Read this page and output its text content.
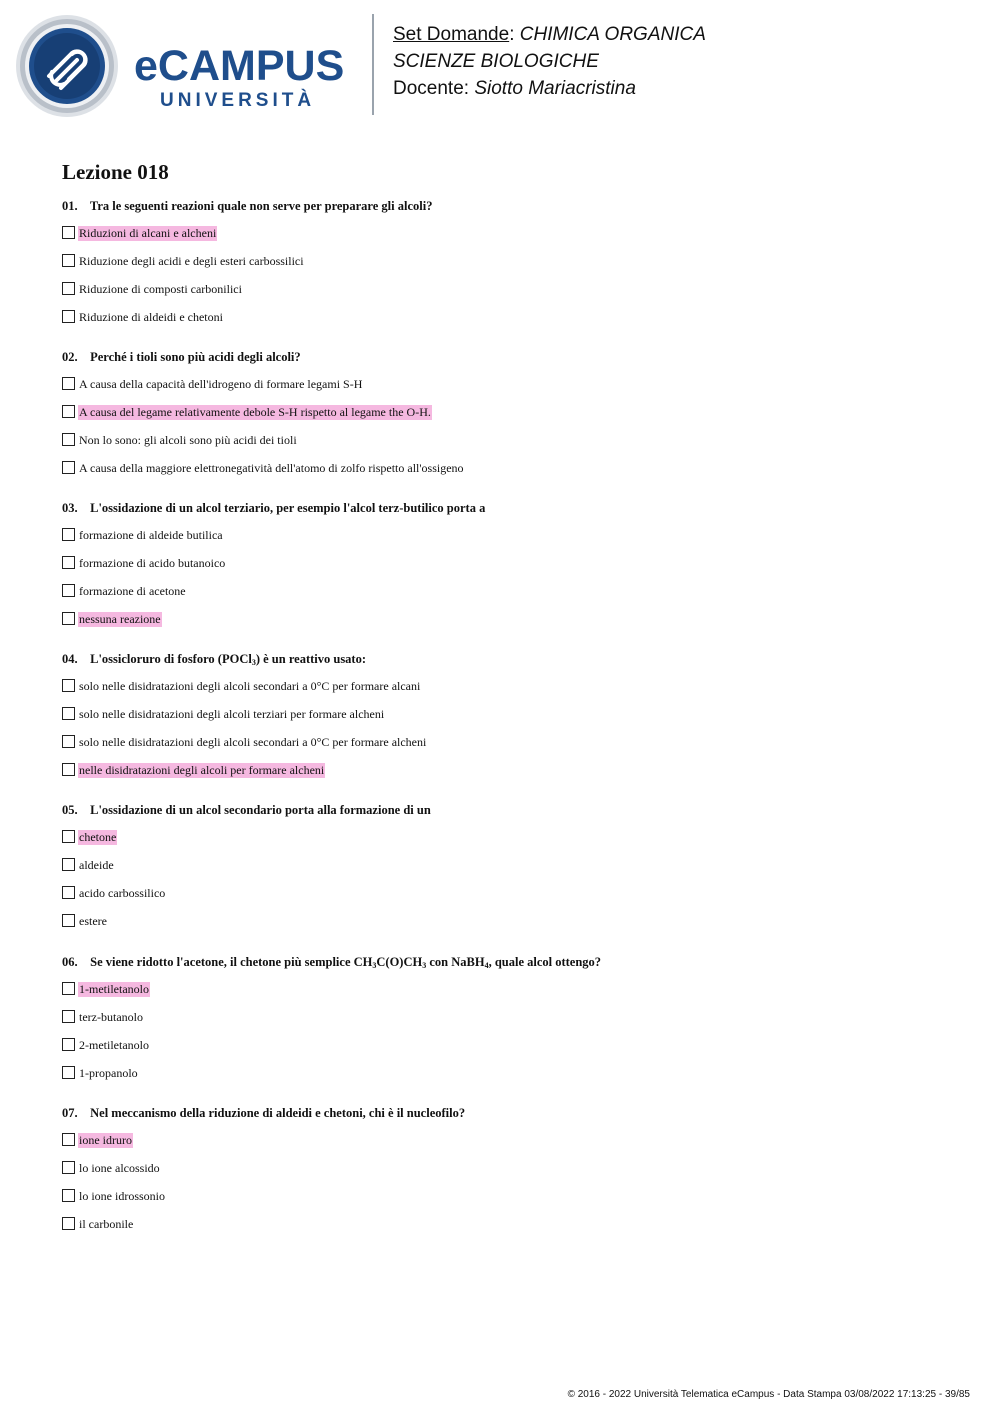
eCAMPUS
UNIVERSITÀ
Set Domande: CHIMICA ORGANICA
SCIENZE BIOLOGICHE
Docente: Siotto Mariacristina
Lezione 018
01. Tra le seguenti reazioni quale non serve per preparare gli alcoli?
Riduzioni di alcani e alcheni
Riduzione degli acidi e degli esteri carbossilici
Riduzione di composti carbonilici
Riduzione di aldeidi e chetoni
02. Perché i tioli sono più acidi degli alcoli?
A causa della capacità dell'idrogeno di formare legami S-H
A causa del legame relativamente debole S-H rispetto al legame the O-H.
Non lo sono: gli alcoli sono più acidi dei tioli
A causa della maggiore elettronegatività dell'atomo di zolfo rispetto all'ossigeno
03. L'ossidazione di un alcol terziario, per esempio l'alcol terz-butilico porta a
formazione di aldeide butilica
formazione di acido butanoico
formazione di acetone
nessuna reazione
04. L'ossicloruro di fosforo (POCl$_3$) è un reattivo usato:
solo nelle disidratazioni degli alcoli secondari a 0°C per formare alcani
solo nelle disidratazioni degli alcoli terziari per formare alcheni
solo nelle disidratazioni degli alcoli secondari a 0°C per formare alcheni
nelle disidratazioni degli alcoli per formare alcheni
05. L'ossidazione di un alcol secondario porta alla formazione di un
chetone
aldeide
acido carbossilico
estere
06. Se viene ridotto l'acetone, il chetone più semplice $CH_3C(O)CH_3$ con NaBH$_4$, quale alcol ottengo?
1-metiletanolo
terz-butanolo
2-metiletanolo
1-propanolo
07. Nel meccanismo della riduzione di aldeidi e chetoni, chi è il nucleofilo?
ione idruro
lo ione alcossido
lo ione idrossonio
il carbonile
© 2016 - 2022 Università Telematica eCampus - Data Stampa 03/08/2022 17:13:25 - 39/85
